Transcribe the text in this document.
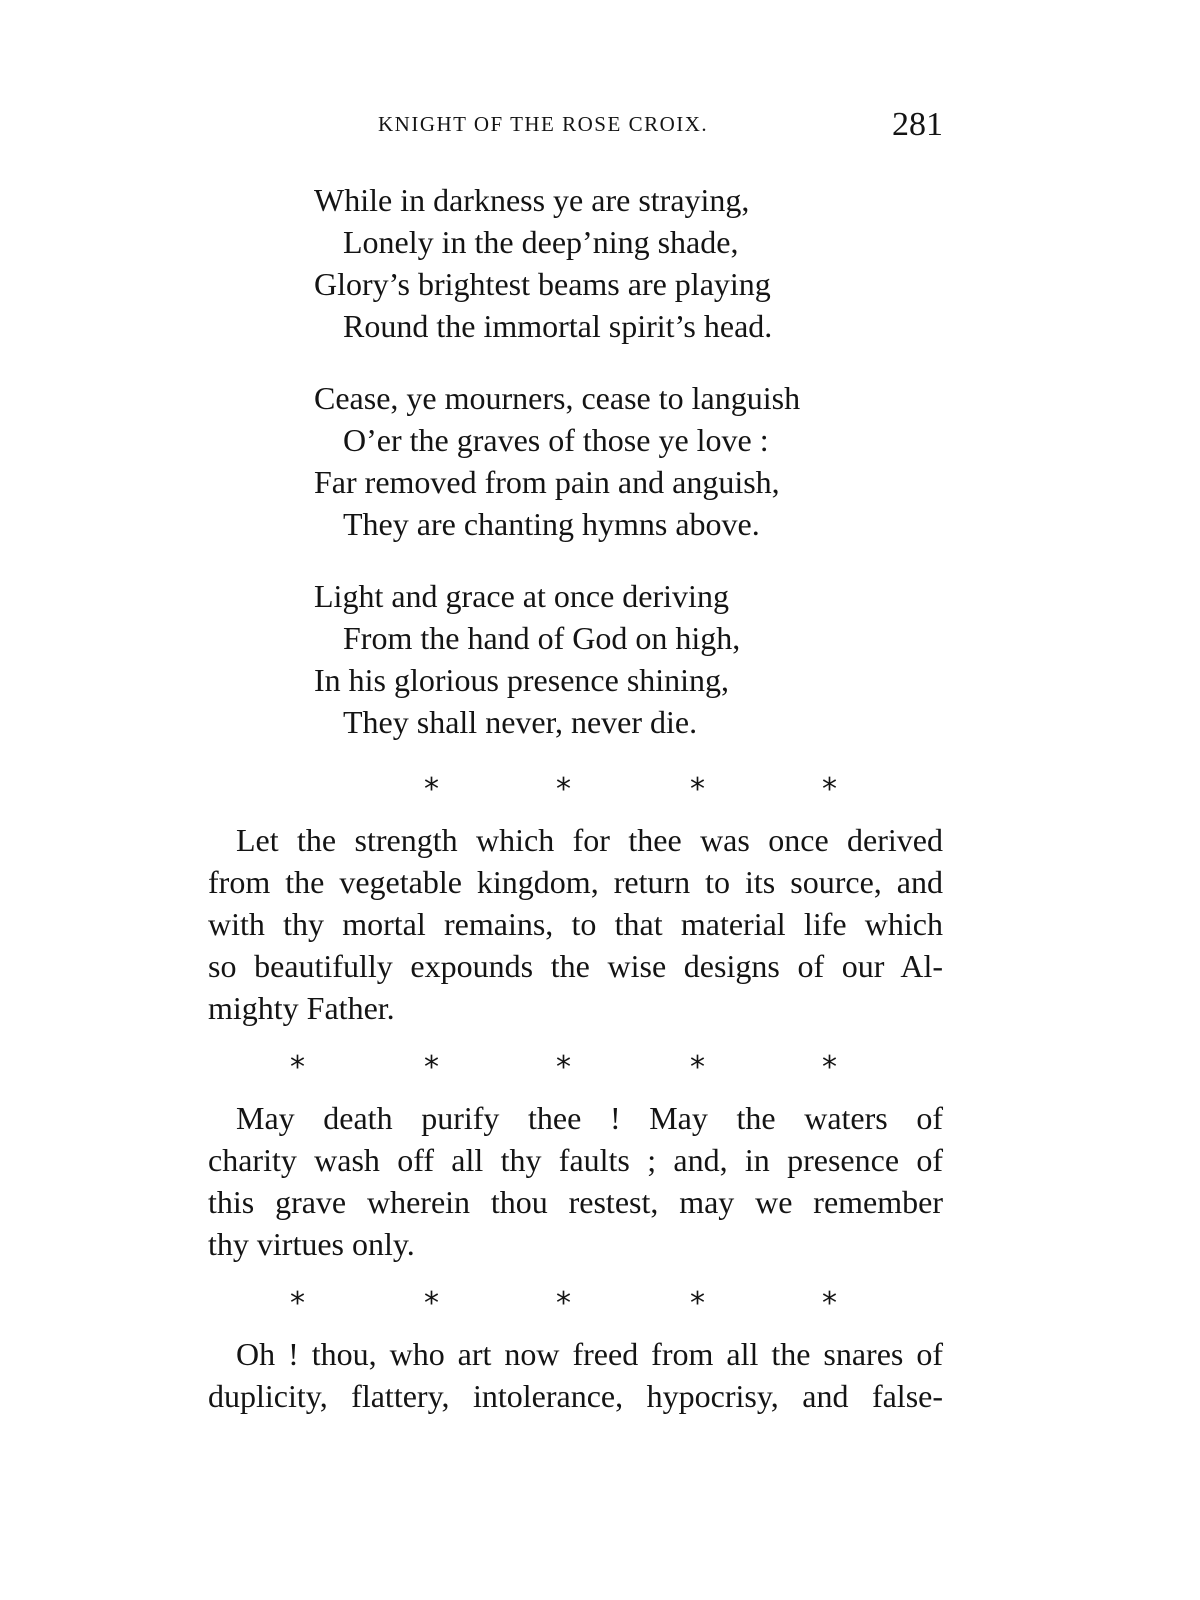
KNIGHT OF THE ROSE CROIX.	281
While in darkness ye are straying,
Lonely in the deep’ning shade,
Glory’s brightest beams are playing
Round the immortal spirit’s head.
Cease, ye mourners, cease to languish
O’er the graves of those ye love :
Far removed from pain and anguish,
They are chanting hymns above.
Light and grace at once deriving
From the hand of God on high,
In his glorious presence shining,
They shall never, never die.
*	*	*	*
Let the strength which for thee was once derived
from the vegetable kingdom, return to its source, and
with thy mortal remains, to that material life which
so beautifully expounds the wise designs of our Al-
mighty Father.
*	*	*	*	*
May death purify thee ! May the waters of
charity wash off all thy faults ; and, in presence of
this grave wherein thou restest, may we remember
thy virtues only.
*	*	*	*	*
Oh ! thou, who art now freed from all the snares of
duplicity, flattery, intolerance, hypocrisy, and false-
